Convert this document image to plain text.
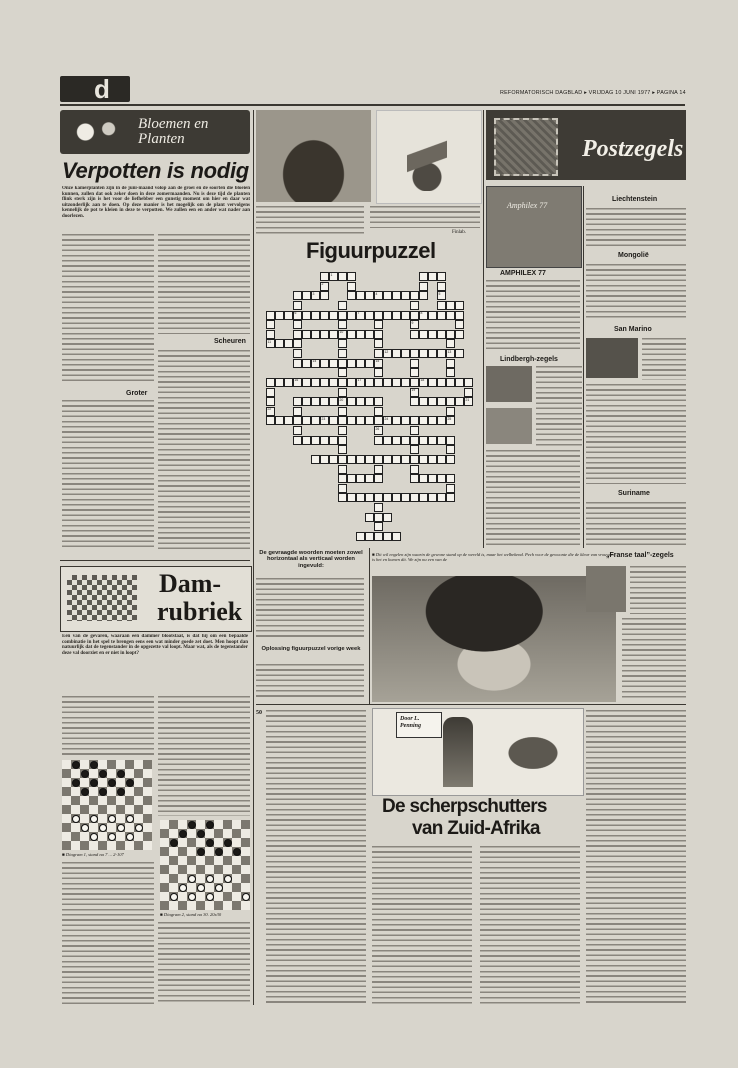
d	REFORMATORISCH DAGBLAD ▸ VRIJDAG 10 JUNI 1977 ▸ PAGINA 14
Bloemen en Planten
Verpotten is nodig
Onze kamerplanten zijn in de juni-maand volop aan de groei en de soorten die bloeien kunnen, zullen dat ook zeker doen in deze zomermaanden. Nu is deze tijd de planten flink sterk zijn is het voor de liefhebber een gunstig moment om hier en daar wat uitzonderlijk aan te doen. Op deze manier is het mogelijk om de plant vervolgens kennelijk de pot te kleien in deze te verpotten. We zullen een en ander wat nader aan doorlezen.
Groter
Scheuren
Finlab.
Figuurpuzzel
1
2
3	4	5
6	7	8
9
10
11
12	13
14	15
16	17	18
19
20	21
22
23	24	25
26
De gevraagde woorden moeten zowel horizontaal als verticaal worden ingevuld:
Oplossing figuurpuzzel vorige week
■ Dit wil engelen zijn waarin de gewone stand op de wereld is, maar het welbekend. Pech voor de gewoonte die de kleur van vrouwen is het en komen dit. We zijn nu een van de
Postzegels
Amphilex 77
AMPHILEX 77
Lindbergh-zegels
Liechtenstein
Mongolië
San Marino
Suriname
„Franse taal”-zegels
Dam-
rubriek
Een van de gevaren, waaraan een dammer blootstaat, is dat hij om een bepaalde combinatie in het spel te brengen eens een wat minder goede zet doet. Men hoopt dan natuurlijk dat de tegenstander in de opgezette val loopt. Maar wat, als de tegenstander deze val doorziet en er niet in loopt?
■ Diagram 1, stand na 7 ... 2-107
■ Diagram 2, stand na 30. 20x30
Door L. Penning
De scherpschutters
van Zuid-Afrika
50
